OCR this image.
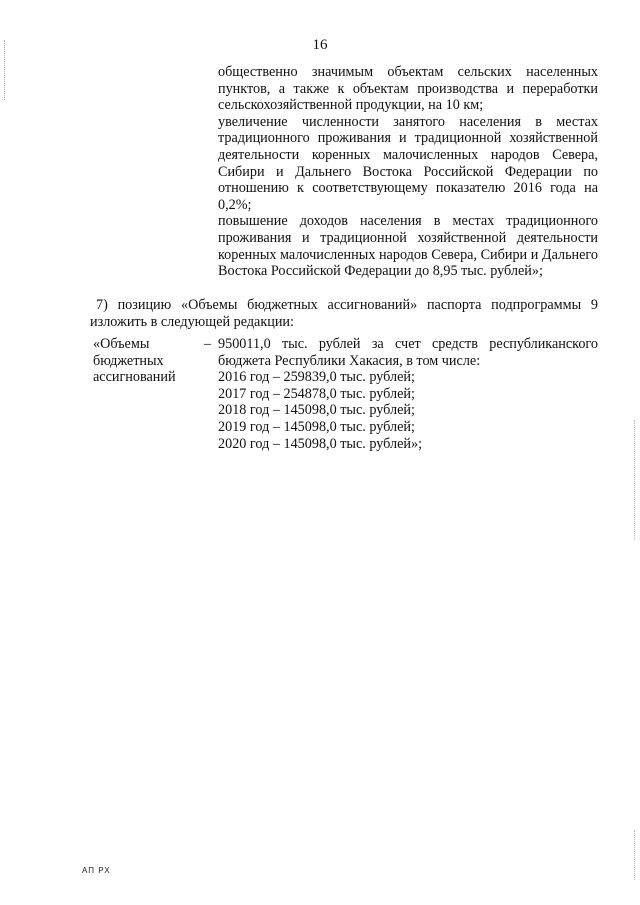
16
общественно значимым объектам сельских населенных
пунктов, а также к объектам производства и переработки
сельскохозяйственной продукции, на 10 км;
увеличение численности занятого населения в местах
традиционного проживания и традиционной хозяйственной
деятельности коренных малочисленных народов Севера,
Сибири и Дальнего Востока Российской Федерации по
отношению к соответствующему показателю 2016 года на
0,2%;
повышение доходов населения в местах традиционного
проживания и традиционной хозяйственной деятельности
коренных малочисленных народов Севера, Сибири и Дальнего
Востока Российской Федерации до 8,95 тыс. рублей»;
7) позицию «Объемы бюджетных ассигнований» паспорта подпрограммы 9
изложить в следующей редакции:
«Объемы
бюджетных
ассигнований
– 950011,0 тыс. рублей за счет средств республиканского
бюджета Республики Хакасия, в том числе:
2016 год – 259839,0 тыс. рублей;
2017 год – 254878,0 тыс. рублей;
2018 год – 145098,0 тыс. рублей;
2019 год – 145098,0 тыс. рублей;
2020 год – 145098,0 тыс. рублей»;
АП РХ
